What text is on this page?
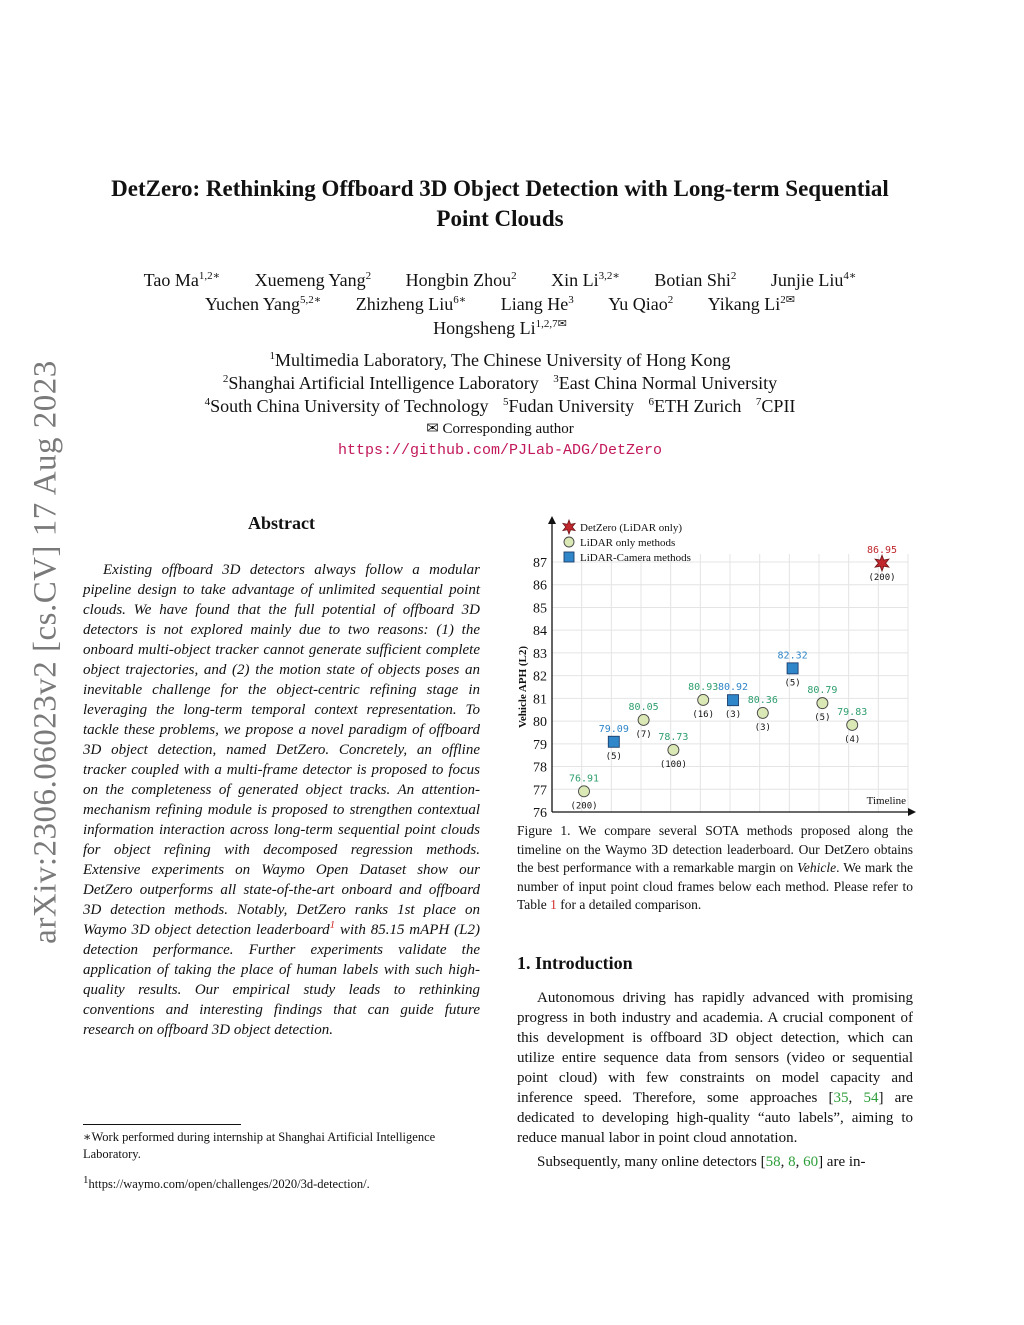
arXiv:2306.06023v2 [cs.CV] 17 Aug 2023
DetZero: Rethinking Offboard 3D Object Detection with Long-term Sequential
Point Clouds
Tao $Ma^{1,2∗}$ Xuemeng Yang$^2$ Hongbin Zhou$^2$ Xin $Li^{3,2∗}$ Botian Shi$^2$ Junjie Liu$^{4∗}$
Yuchen Yang$^{5,2∗}$ Zhizheng Liu$^{6∗}$ Liang He$^3$ Yu Qiao$^2$ Yikang $Li^{2✉}$
Hongsheng $Li^{1,2,7✉}$
$^1$Multimedia Laboratory, The Chinese University of Hong Kong
$^2$Shanghai Artificial Intelligence Laboratory $^3$East China Normal University
$^4$South China University of Technology $^5$Fudan University $^6$ETH Zurich $^7$CPII
✉ Corresponding author
https://github.com/PJLab-ADG/DetZero
Abstract
Existing offboard 3D detectors always follow a modular pipeline design to take advantage of unlimited sequential point clouds. We have found that the full potential of offboard 3D detectors is not explored mainly due to two reasons: (1) the onboard multi-object tracker cannot generate sufficient complete object trajectories, and (2) the motion state of objects poses an inevitable challenge for the object-centric refining stage in leveraging the long-term temporal context representation. To tackle these problems, we propose a novel paradigm of offboard 3D object detection, named DetZero. Concretely, an offline tracker coupled with a multi-frame detector is proposed to focus on the completeness of generated object tracks. An attention-mechanism refining module is proposed to strengthen contextual information interaction across long-term sequential point clouds for object refining with decomposed regression methods. Extensive experiments on Waymo Open Dataset show our DetZero outperforms all state-of-the-art onboard and offboard 3D detection methods. Notably, DetZero ranks 1st place on Waymo 3D object detection leaderboard$^1$ with 85.15 mAPH (L2) detection performance. Further experiments validate the application of taking the place of human labels with such high-quality results. Our empirical study leads to rethinking conventions and interesting findings that can guide future research on offboard 3D object detection.
∗Work performed during internship at Shanghai Artificial Intelligence Laboratory.
$^1$https://waymo.com/open/challenges/2020/3d-detection/.
87
86
85
84
83
82
81
80
79
78
77
76
Vehicle APH (L2)
Timeline
DetZero (LiDAR only)
LiDAR only methods
LiDAR-Camera methods
76.91
(200)
79.09
(5)
80.05
(7) 78.73
(100)
80.93
(16)
80.92
(3)
80.36
(3)
82.32
(5)
80.79
(5)
79.83
(4)
86.95
(200)
Figure 1. We compare several SOTA methods proposed along the timeline on the Waymo 3D detection leaderboard. Our DetZero obtains the best performance with a remarkable margin on Vehicle. We mark the number of input point cloud frames below each method. Please refer to Table 1 for a detailed comparison.
1. Introduction

Autonomous driving has rapidly advanced with promising progress in both industry and academia. A crucial component of this development is offboard 3D object detection, which can utilize entire sequence data from sensors (video or sequential point cloud) with few constraints on model capacity and inference speed. Therefore, some approaches [35, 54] are dedicated to developing high-quality “auto labels”, aiming to reduce manual labor in point cloud annotation.

Subsequently, many online detectors [58, 8, 60] are in-
